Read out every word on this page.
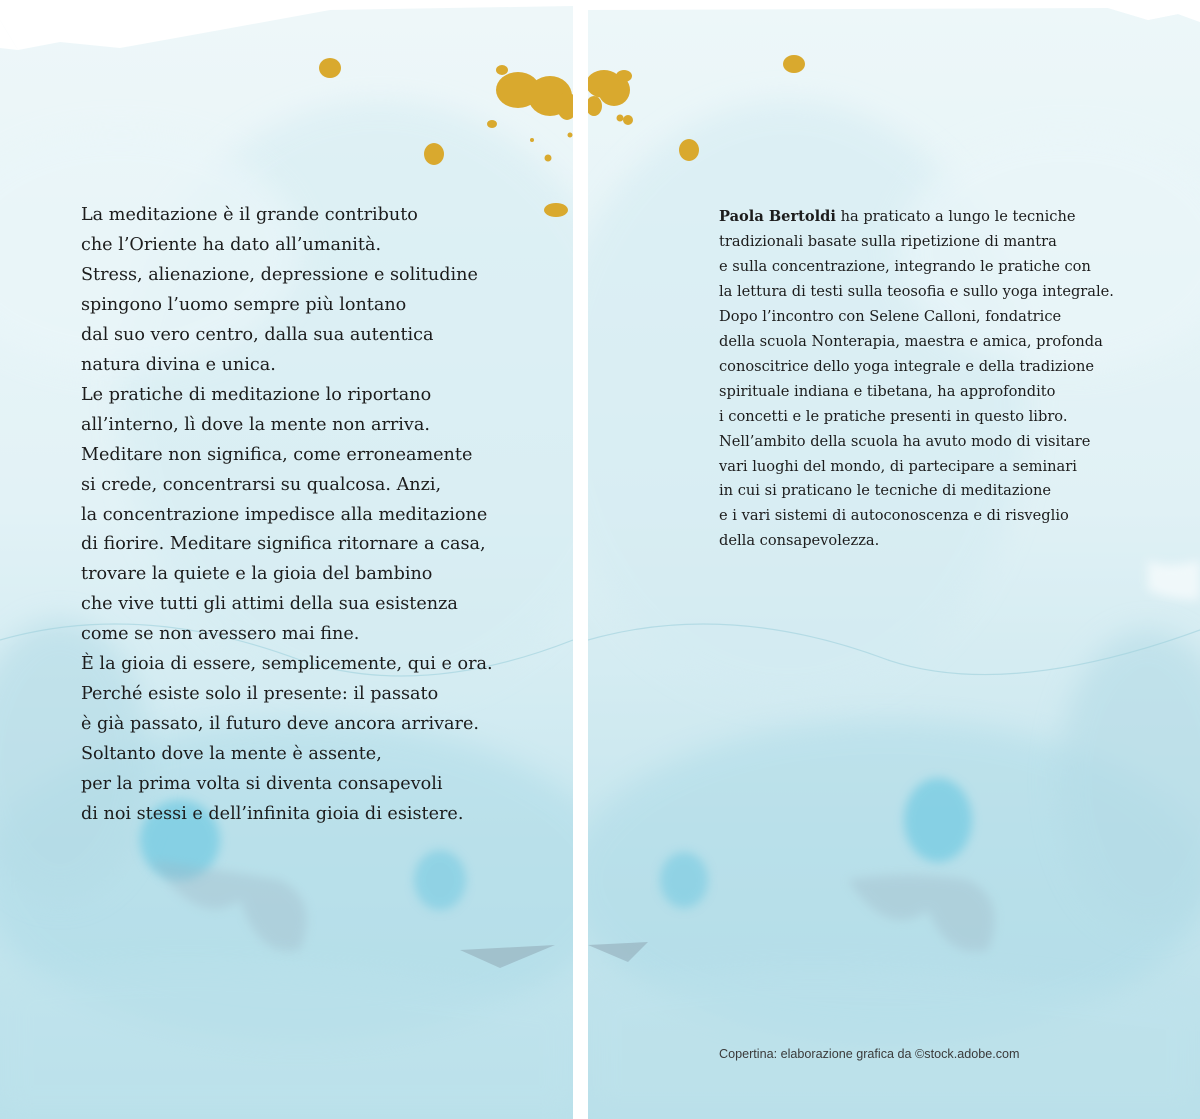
La meditazione è il grande contributo
che l’Oriente ha dato all’umanità.
Stress, alienazione, depressione e solitudine
spingono l’uomo sempre più lontano
dal suo vero centro, dalla sua autentica
natura divina e unica.
Le pratiche di meditazione lo riportano
all’interno, lì dove la mente non arriva.
Meditare non significa, come erroneamente
si crede, concentrarsi su qualcosa. Anzi,
la concentrazione impedisce alla meditazione
di fiorire. Meditare significa ritornare a casa,
trovare la quiete e la gioia del bambino
che vive tutti gli attimi della sua esistenza
come se non avessero mai fine.
È la gioia di essere, semplicemente, qui e ora.
Perché esiste solo il presente: il passato
è già passato, il futuro deve ancora arrivare.
Soltanto dove la mente è assente,
per la prima volta si diventa consapevoli
di noi stessi e dell’infinita gioia di esistere.

Paola Bertoldi ha praticato a lungo le tecniche
tradizionali basate sulla ripetizione di mantra
e sulla concentrazione, integrando le pratiche con
la lettura di testi sulla teosofia e sullo yoga integrale.
Dopo l’incontro con Selene Calloni, fondatrice
della scuola Nonterapia, maestra e amica, profonda
conoscitrice dello yoga integrale e della tradizione
spirituale indiana e tibetana, ha approfondito
i concetti e le pratiche presenti in questo libro.
Nell’ambito della scuola ha avuto modo di visitare
vari luoghi del mondo, di partecipare a seminari
in cui si praticano le tecniche di meditazione
e i vari sistemi di autoconoscenza e di risveglio
della consapevolezza.

Copertina: elaborazione grafica da ©stock.adobe.com
